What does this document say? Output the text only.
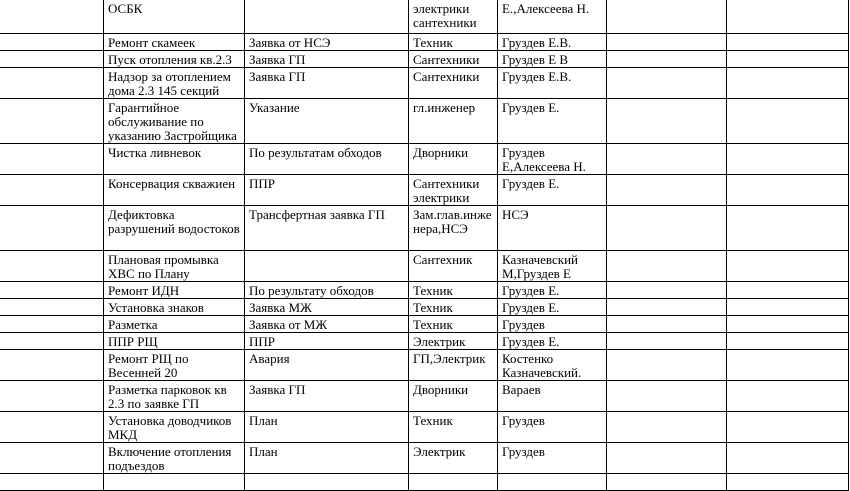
	ОСБК		электрики сантехники	Е.,Алексеева Н.		

	Ремонт скамеек	Заявка от НСЭ	Техник	Груздев Е.В.		

	Пуск отопления кв.2.3	Заявка ГП	Сантехники	Груздев Е В		

	Надзор за отоплением дома 2.3 145 секций	Заявка ГП	Сантехники	Груздев Е.В.		

	Гарантийное обслуживание по указанию Застройщика	Указание	гл.инженер	Груздев Е.		

	Чистка ливневок	По результатам обходов	Дворники	Груздев Е,Алексеева Н.		

	Консервация скважиен	ППР	Сантехники электрики	Груздев Е.		

	Дефиктовка разрушений водостоков	Трансфертная заявка ГП	Зам.глав.инже нера,НСЭ	НСЭ		

	Плановая промывка ХВС по Плану		Сантехник	Казначевский М,Груздев Е		

	Ремонт ИДН	По результату обходов	Техник	Груздев Е.		

	Установка знаков	Заявка МЖ	Техник	Груздев Е.		

	Разметка	Заявка от МЖ	Техник	Груздев		

	ППР РЩ	ППР	Электрик	Груздев Е.		

	Ремонт РЩ по Весенней 20	Авария	ГП,Электрик	Костенко Казначевский.		

	Разметка парковок кв 2.3 по заявке ГП	Заявка ГП	Дворники	Вараев		

	Установка доводчиков МКД	План	Техник	Груздев		

	Включение отопления подъездов	План	Электрик	Груздев		
